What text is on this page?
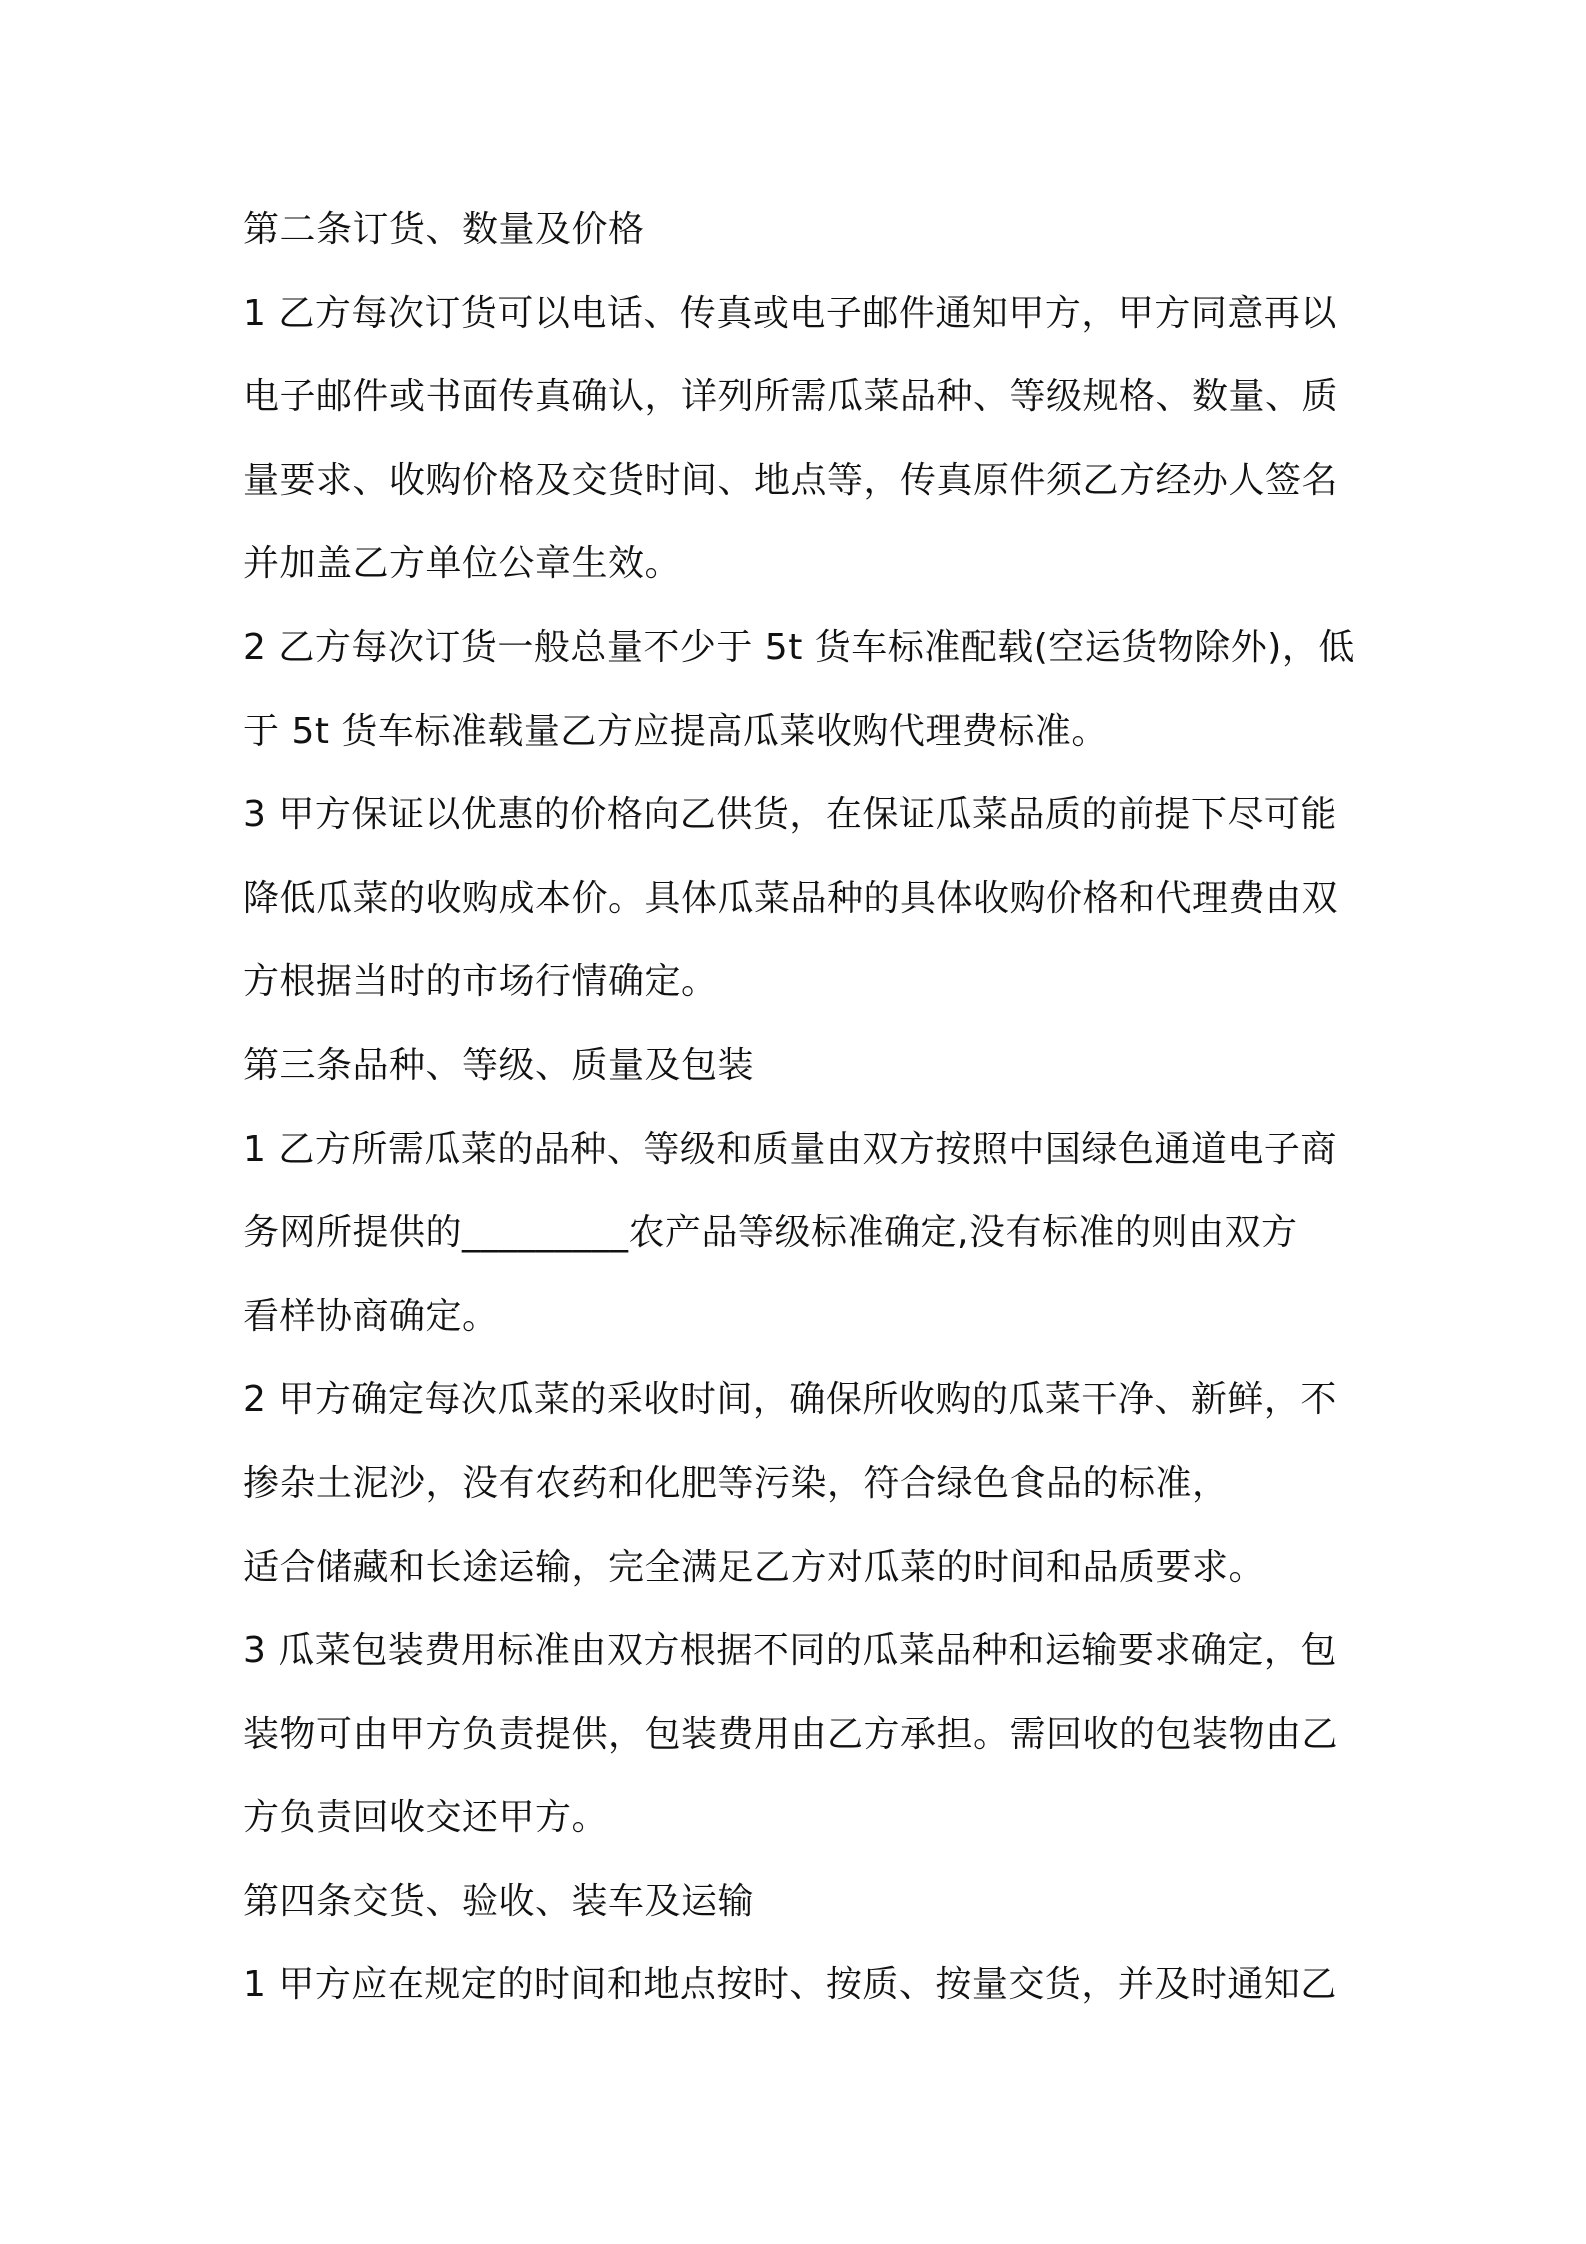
第二条订货、数量及价格
1 乙方每次订货可以电话、传真或电子邮件通知甲方，甲方同意再以
电子邮件或书面传真确认，详列所需瓜菜品种、等级规格、数量、质
量要求、收购价格及交货时间、地点等，传真原件须乙方经办人签名
并加盖乙方单位公章生效。
2 乙方每次订货一般总量不少于 5t 货车标准配载(空运货物除外)，低
于 5t 货车标准载量乙方应提高瓜菜收购代理费标准。
3 甲方保证以优惠的价格向乙供货，在保证瓜菜品质的前提下尽可能
降低瓜菜的收购成本价。具体瓜菜品种的具体收购价格和代理费由双
方根据当时的市场行情确定。
第三条品种、等级、质量及包装
1 乙方所需瓜菜的品种、等级和质量由双方按照中国绿色通道电子商
务网所提供的_________农产品等级标准确定,没有标准的则由双方
看样协商确定。
2 甲方确定每次瓜菜的采收时间，确保所收购的瓜菜干净、新鲜，不
掺杂土泥沙，没有农药和化肥等污染，符合绿色食品的标准，
适合储藏和长途运输，完全满足乙方对瓜菜的时间和品质要求。
3 瓜菜包装费用标准由双方根据不同的瓜菜品种和运输要求确定，包
装物可由甲方负责提供，包装费用由乙方承担。需回收的包装物由乙
方负责回收交还甲方。
第四条交货、验收、装车及运输
1 甲方应在规定的时间和地点按时、按质、按量交货，并及时通知乙
